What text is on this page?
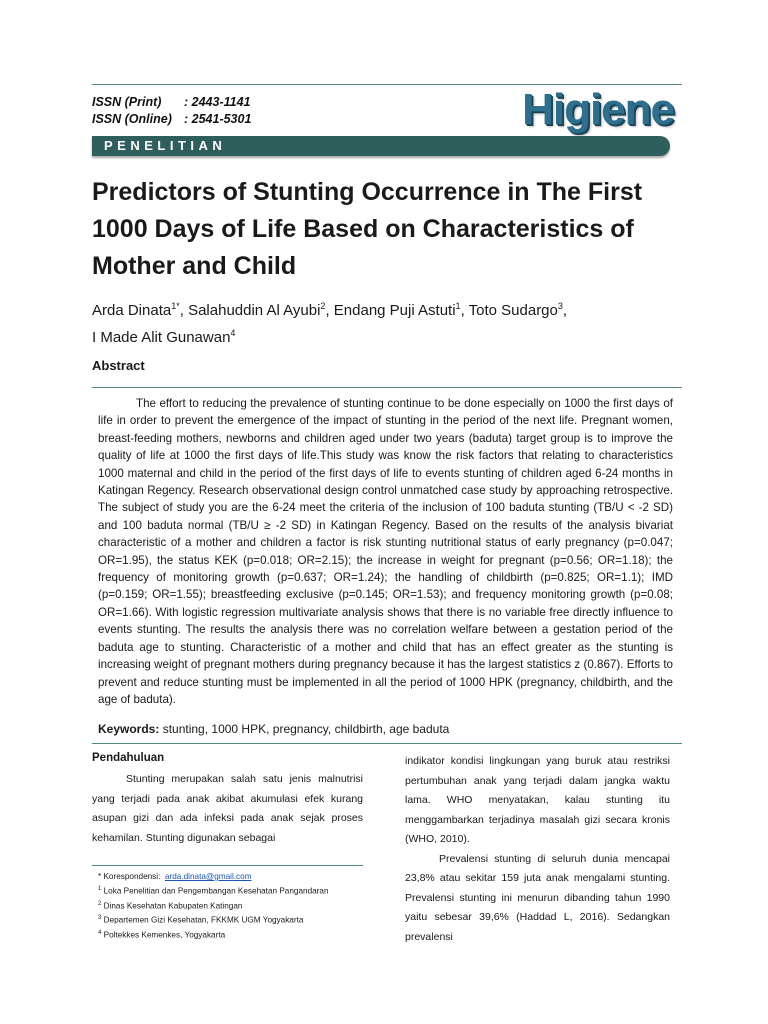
ISSN (Print) : 2443-1141
ISSN (Online) : 2541-5301	Higiene
PENELITIAN
Predictors of Stunting Occurrence in The First 1000 Days of Life Based on Characteristics of Mother and Child
Arda Dinata$^{1*}$, Salahuddin Al Ayubi$^2$, Endang Puji Astuti$^1$, Toto Sudargo$^3$,
I Made Alit Gunawan$^4$
Abstract
The effort to reducing the prevalence of stunting continue to be done especially on 1000 the first days of life in order to prevent the emergence of the impact of stunting in the period of the next life. Pregnant women, breast-feeding mothers, newborns and children aged under two years (baduta) target group is to improve the quality of life at 1000 the first days of life.This study was know the risk factors that relating to characteristics 1000 maternal and child in the period of the first days of life to events stunting of children aged 6-24 months in Katingan Regency. Research observational design control unmatched case study by approaching retrospective. The subject of study you are the 6-24 meet the criteria of the inclusion of 100 baduta stunting (TB/U < -2 SD) and 100 baduta normal (TB/U ≥ -2 SD) in Katingan Regency. Based on the results of the analysis bivariat characteristic of a mother and children a factor is risk stunting nutritional status of early pregnancy (p=0.047; OR=1.95), the status KEK (p=0.018; OR=2.15); the increase in weight for pregnant (p=0.56; OR=1.18); the frequency of monitoring growth (p=0.637; OR=1.24); the handling of childbirth (p=0.825; OR=1.1); IMD (p=0.159; OR=1.55); breastfeeding exclusive (p=0.145; OR=1.53); and frequency monitoring growth (p=0.08; OR=1.66). With logistic regression multivariate analysis shows that there is no variable free directly influence to events stunting. The results the analysis there was no correlation welfare between a gestation period of the baduta age to stunting. Characteristic of a mother and child that has an effect greater as the stunting is increasing weight of pregnant mothers during pregnancy because it has the largest statistics z (0.867). Efforts to prevent and reduce stunting must be implemented in all the period of 1000 HPK (pregnancy, childbirth, and the age of baduta).
Keywords: stunting, 1000 HPK, pregnancy, childbirth, age baduta
Pendahuluan

Stunting merupakan salah satu jenis malnutrisi yang terjadi pada anak akibat akumulasi efek kurang asupan gizi dan ada infeksi pada anak sejak proses kehamilan. Stunting digunakan sebagai

* Korespondensi: arda.dinata@gmail.com
$^1$ Loka Penelitian dan Pengembangan Kesehatan Pangandaran
$^2$ Dinas Kesehatan Kabupaten Katingan
$^3$ Departemen Gizi Kesehatan, FKKMK UGM Yogyakarta
$^4$ Poltekkes Kemenkes, Yogyakarta

indikator kondisi lingkungan yang buruk atau restriksi pertumbuhan anak yang terjadi dalam jangka waktu lama. WHO menyatakan, kalau stunting itu menggambarkan terjadinya masalah gizi secara kronis (WHO, 2010).

Prevalensi stunting di seluruh dunia mencapai 23,8% atau sekitar 159 juta anak mengalami stunting. Prevalensi stunting ini menurun dibanding tahun 1990 yaitu sebesar 39,6% (Haddad L, 2016). Sedangkan prevalensi
